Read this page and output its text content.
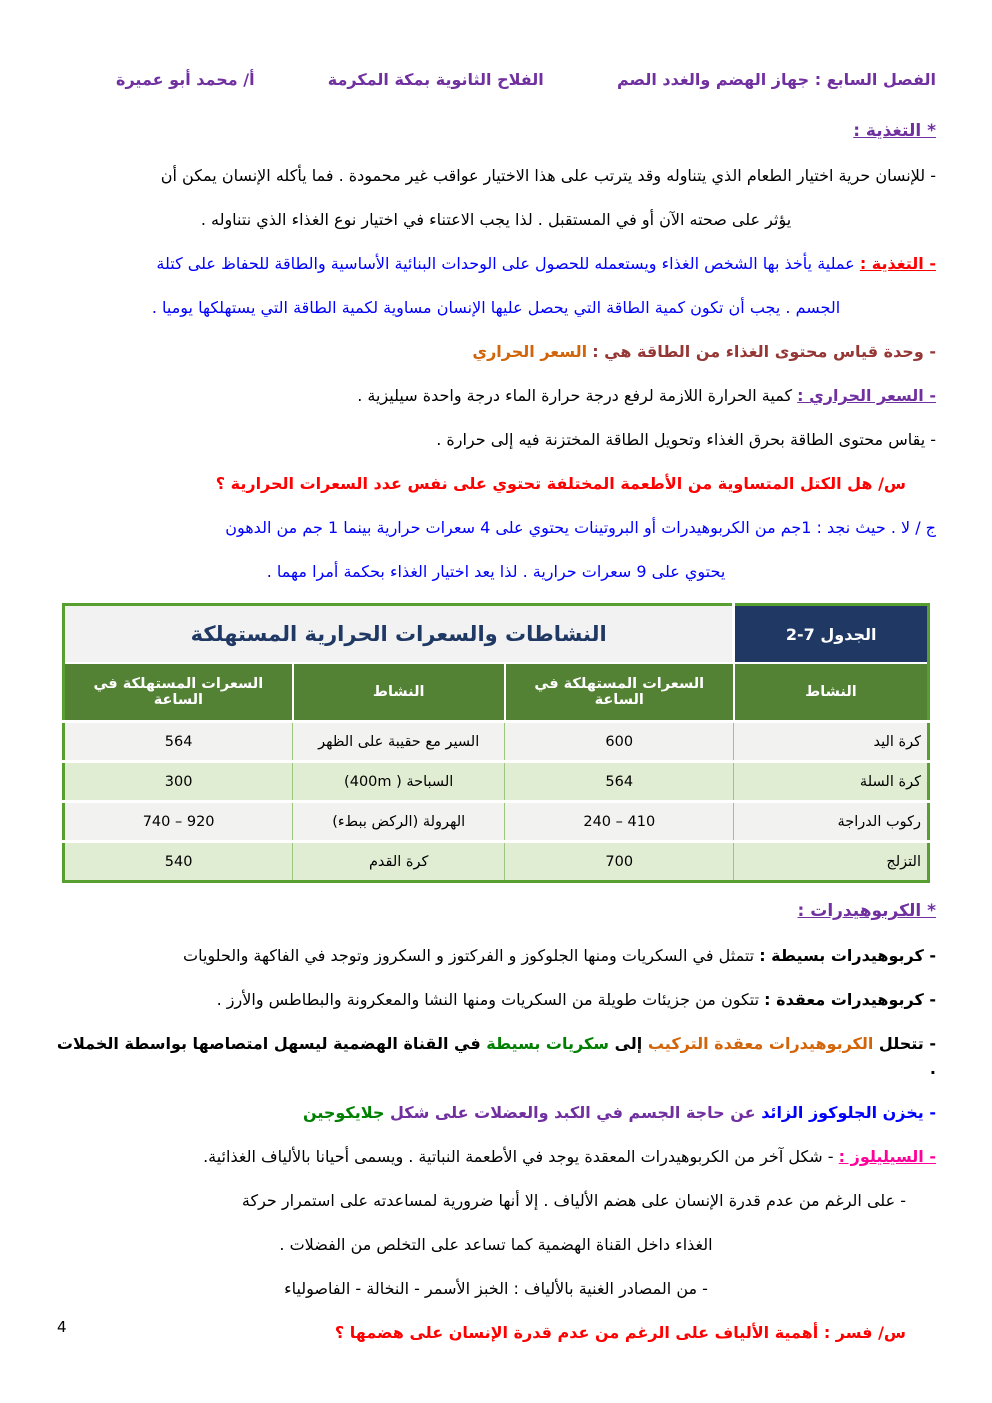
الفصل السابع : جهاز الهضم والغدد الصم
الفلاح الثانوية بمكة المكرمة
أ/ محمد أبو عميرة
* التغذية :
- للإنسان حرية اختيار الطعام الذي يتناوله وقد يترتب على هذا الاختيار عواقب غير محمودة . فما يأكله الإنسان يمكن أن
يؤثر على صحته الآن أو في المستقبل . لذا يجب الاعتناء في اختيار نوع الغذاء الذي نتناوله .
- التغذية : عملية يأخذ بها الشخص الغذاء ويستعمله للحصول على الوحدات البنائية الأساسية والطاقة للحفاظ على كتلة
الجسم . يجب أن تكون كمية الطاقة التي يحصل عليها الإنسان مساوية لكمية الطاقة التي يستهلكها يوميا .
- وحدة قياس محتوى الغذاء من الطاقة هي : السعر الحراري
- السعر الحراري : كمية الحرارة اللازمة لرفع درجة حرارة الماء درجة واحدة سيليزية .
- يقاس محتوى الطاقة بحرق الغذاء وتحويل الطاقة المختزنة فيه إلى حرارة .
س/ هل الكتل المتساوية من الأطعمة المختلفة تحتوي على نفس عدد السعرات الحرارية ؟
ج / لا . حيث نجد : 1جم من الكربوهيدرات أو البروتينات يحتوي على 4 سعرات حرارية بينما 1 جم من الدهون
يحتوي على 9 سعرات حرارية . لذا يعد اختيار الغذاء بحكمة أمرا مهما .
الجدول 7-2	النشاطات والسعرات الحرارية المستهلكة		
النشاط	السعرات المستهلكة في الساعة	النشاط	السعرات المستهلكة في الساعة
كرة اليد	600	السير مع حقيبة على الظهر	564
كرة السلة	564	السباحة ( 400m)	300
ركوب الدراجة	240 – 410	الهرولة (الركض ببطء)	740 – 920
التزلج	700	كرة القدم	540
* الكربوهيدرات :
- كربوهيدرات بسيطة : تتمثل في السكريات ومنها الجلوكوز و الفركتوز و السكروز وتوجد في الفاكهة والحلويات
- كربوهيدرات معقدة : تتكون من جزيئات طويلة من السكريات ومنها النشا والمعكرونة والبطاطس والأرز .
- تتحلل الكربوهيدرات معقدة التركيب إلى سكريات بسيطة في القناة الهضمية ليسهل امتصاصها بواسطة الخملات .
- يخزن الجلوكوز الزائد عن حاجة الجسم في الكبد والعضلات على شكل جلايكوجين
- السيليلوز : - شكل آخر من الكربوهيدرات المعقدة يوجد في الأطعمة النباتية . ويسمى أحيانا بالألياف الغذائية.
- على الرغم من عدم قدرة الإنسان على هضم الألياف . إلا أنها ضرورية لمساعدته على استمرار حركة
الغذاء داخل القناة الهضمية كما تساعد على التخلص من الفضلات .
- من المصادر الغنية بالألياف : الخبز الأسمر - النخالة - الفاصولياء
س/ فسر : أهمية الألياف على الرغم من عدم قدرة الإنسان على هضمها ؟
4
